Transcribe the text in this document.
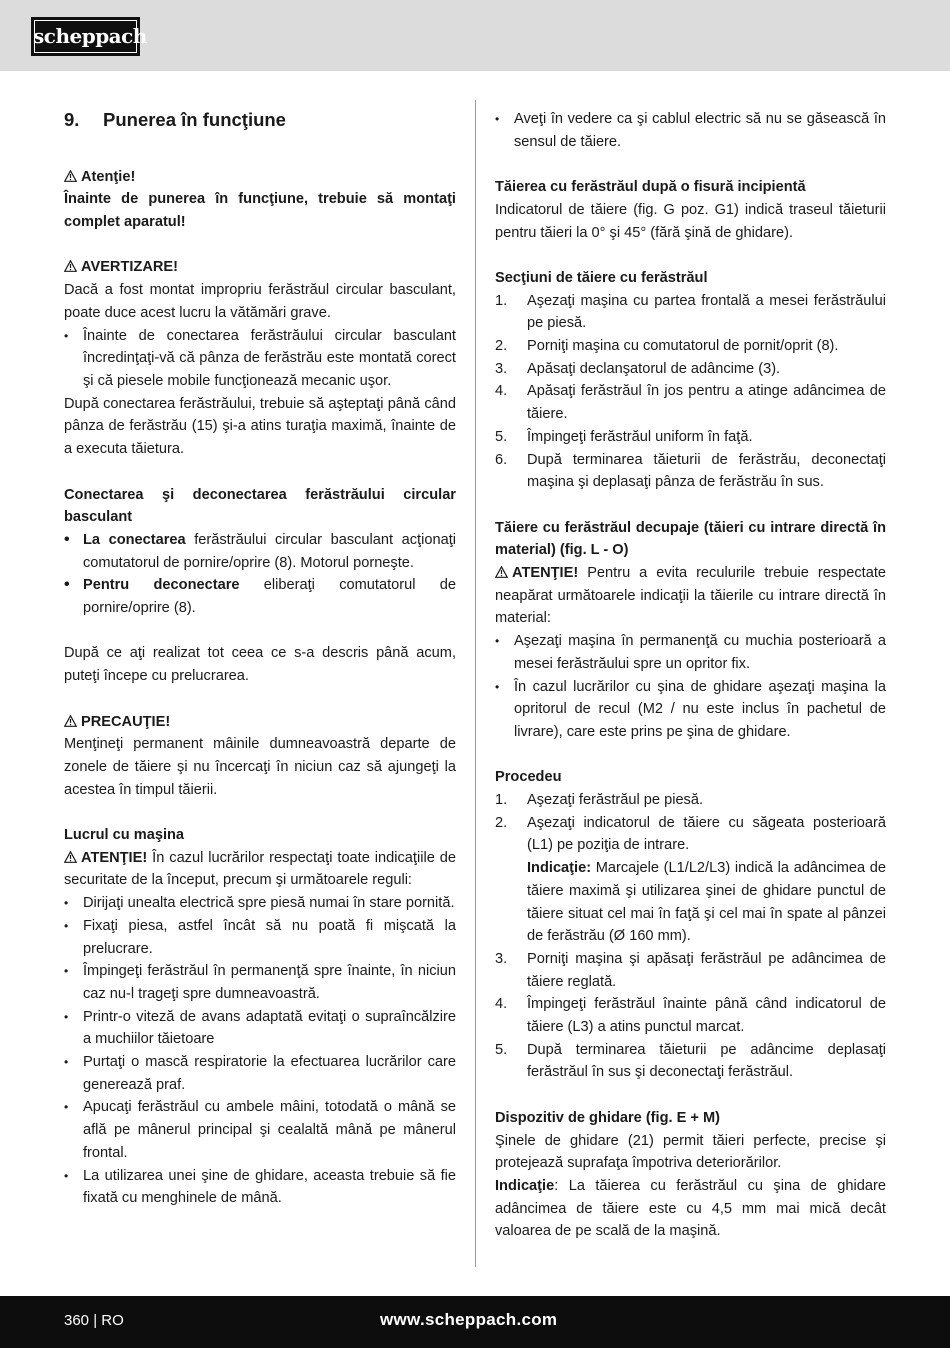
scheppach
9. Punerea în funcţiune
Atenţie!
Înainte de punerea în funcţiune, trebuie să montaţi complet aparatul!
AVERTIZARE!
Dacă a fost montat impropriu ferăstrăul circular basculant, poate duce acest lucru la vătămări grave.
• Înainte de conectarea ferăstrăului circular basculant încredinţaţi-vă că pânza de ferăstrău este montată corect şi că piesele mobile funcţionează mecanic uşor.
După conectarea ferăstrăului, trebuie să aşteptaţi până când pânza de ferăstrău (15) şi-a atins turaţia maximă, înainte de a executa tăietura.
Conectarea şi deconectarea ferăstrăului circular basculant
• La conectarea ferăstrăului circular basculant acţionaţi comutatorul de pornire/oprire (8). Motorul porneşte.
• Pentru deconectare eliberaţi comutatorul de pornire/oprire (8).
După ce aţi realizat tot ceea ce s-a descris până acum, puteţi începe cu prelucrarea.
PRECAUŢIE!
Menţineţi permanent mâinile dumneavoastră departe de zonele de tăiere şi nu încercaţi în niciun caz să ajungeţi la acestea în timpul tăierii.
Lucrul cu maşina
ATENŢIE! În cazul lucrărilor respectaţi toate indicaţiile de securitate de la început, precum şi următoarele reguli:
• Dirijaţi unealta electrică spre piesă numai în stare pornită.
• Fixaţi piesa, astfel încât să nu poată fi mişcată la prelucrare.
• Împingeţi ferăstrăul în permanenţă spre înainte, în niciun caz nu-l trageţi spre dumneavoastră.
• Printr-o viteză de avans adaptată evitaţi o supraîncălzire a muchiilor tăietoare
• Purtaţi o mască respiratorie la efectuarea lucrărilor care generează praf.
• Apucaţi ferăstrăul cu ambele mâini, totodată o mână se află pe mânerul principal şi cealaltă mână pe mânerul frontal.
• La utilizarea unei şine de ghidare, aceasta trebuie să fie fixată cu menghinele de mână.
• Aveţi în vedere ca şi cablul electric să nu se găsească în sensul de tăiere.
Tăierea cu ferăstrăul după o fisură incipientă
Indicatorul de tăiere (fig. G poz. G1) indică traseul tăieturii pentru tăieri la 0° şi 45° (fără şină de ghidare).
Secţiuni de tăiere cu ferăstrăul
1. Aşezaţi maşina cu partea frontală a mesei ferăstrăului pe piesă.
2. Porniţi maşina cu comutatorul de pornit/oprit (8).
3. Apăsaţi declanşatorul de adâncime (3).
4. Apăsaţi ferăstrăul în jos pentru a atinge adâncimea de tăiere.
5. Împingeţi ferăstrăul uniform în faţă.
6. După terminarea tăieturii de ferăstrău, deconectaţi maşina şi deplasaţi pânza de ferăstrău în sus.
Tăiere cu ferăstrăul decupaje (tăieri cu intrare directă în material) (fig. L - O)
ATENŢIE! Pentru a evita reculurile trebuie respectate neapărat următoarele indicaţii la tăierile cu intrare directă în material:
• Aşezaţi maşina în permanenţă cu muchia posterioară a mesei ferăstrăului spre un opritor fix.
• În cazul lucrărilor cu şina de ghidare aşezaţi maşina la opritorul de recul (M2 / nu este inclus în pachetul de livrare), care este prins pe şina de ghidare.
Procedeu
1. Aşezaţi ferăstrăul pe piesă.
2. Aşezaţi indicatorul de tăiere cu săgeata posterioară (L1) pe poziţia de intrare.
Indicaţie: Marcajele (L1/L2/L3) indică la adâncimea de tăiere maximă şi utilizarea şinei de ghidare punctul de tăiere situat cel mai în faţă şi cel mai în spate al pânzei de ferăstrău (Ø 160 mm).
3. Porniţi maşina şi apăsaţi ferăstrăul pe adâncimea de tăiere reglată.
4. Împingeţi ferăstrăul înainte până când indicatorul de tăiere (L3) a atins punctul marcat.
5. După terminarea tăieturii pe adâncime deplasaţi ferăstrăul în sus şi deconectaţi ferăstrăul.
Dispozitiv de ghidare (fig. E + M)
Şinele de ghidare (21) permit tăieri perfecte, precise şi protejează suprafaţa împotriva deteriorărilor.
Indicaţie: La tăierea cu ferăstrăul cu şina de ghidare adâncimea de tăiere este cu 4,5 mm mai mică decât valoarea de pe scală de la maşină.
360 | RO	www.scheppach.com
